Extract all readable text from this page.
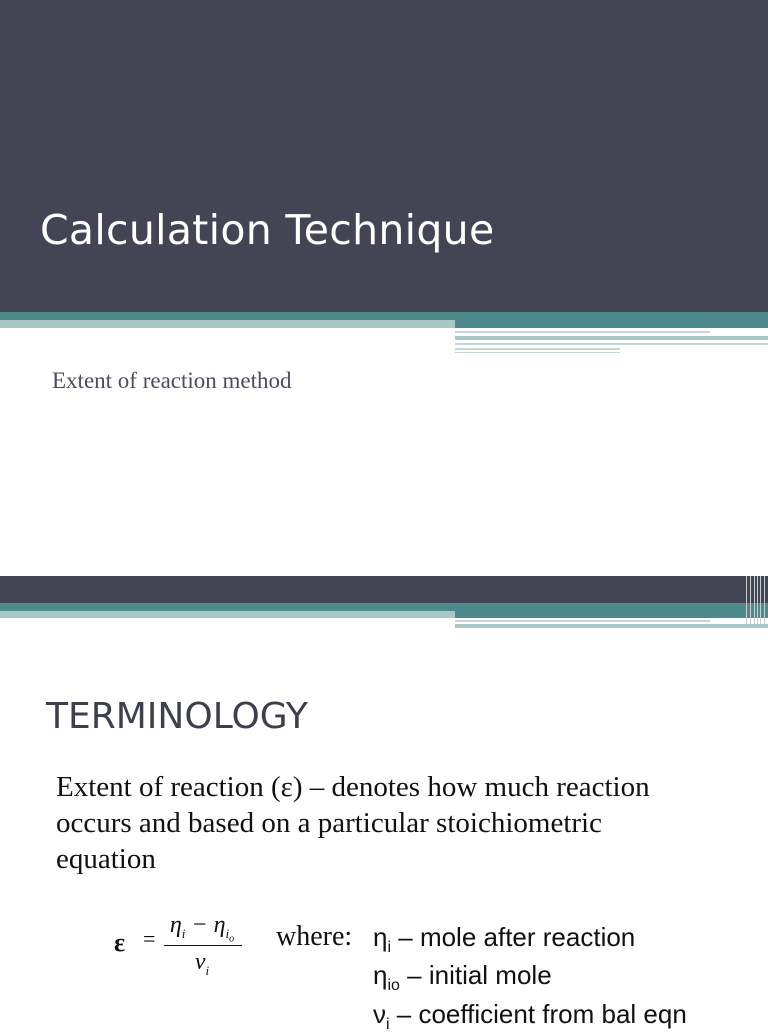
Calculation Technique

Extent of reaction method

TERMINOLOGY

Extent of reaction (ε) – denotes how much reaction occurs and based on a particular stoichiometric equation

ε =
$\eta_i - \eta_{i_o}$
$\nu_i$
where: $\eta_i$ – mole after reaction
$\eta_{io}$ – initial mole
$\nu_i$ – coefficient from bal eqn
